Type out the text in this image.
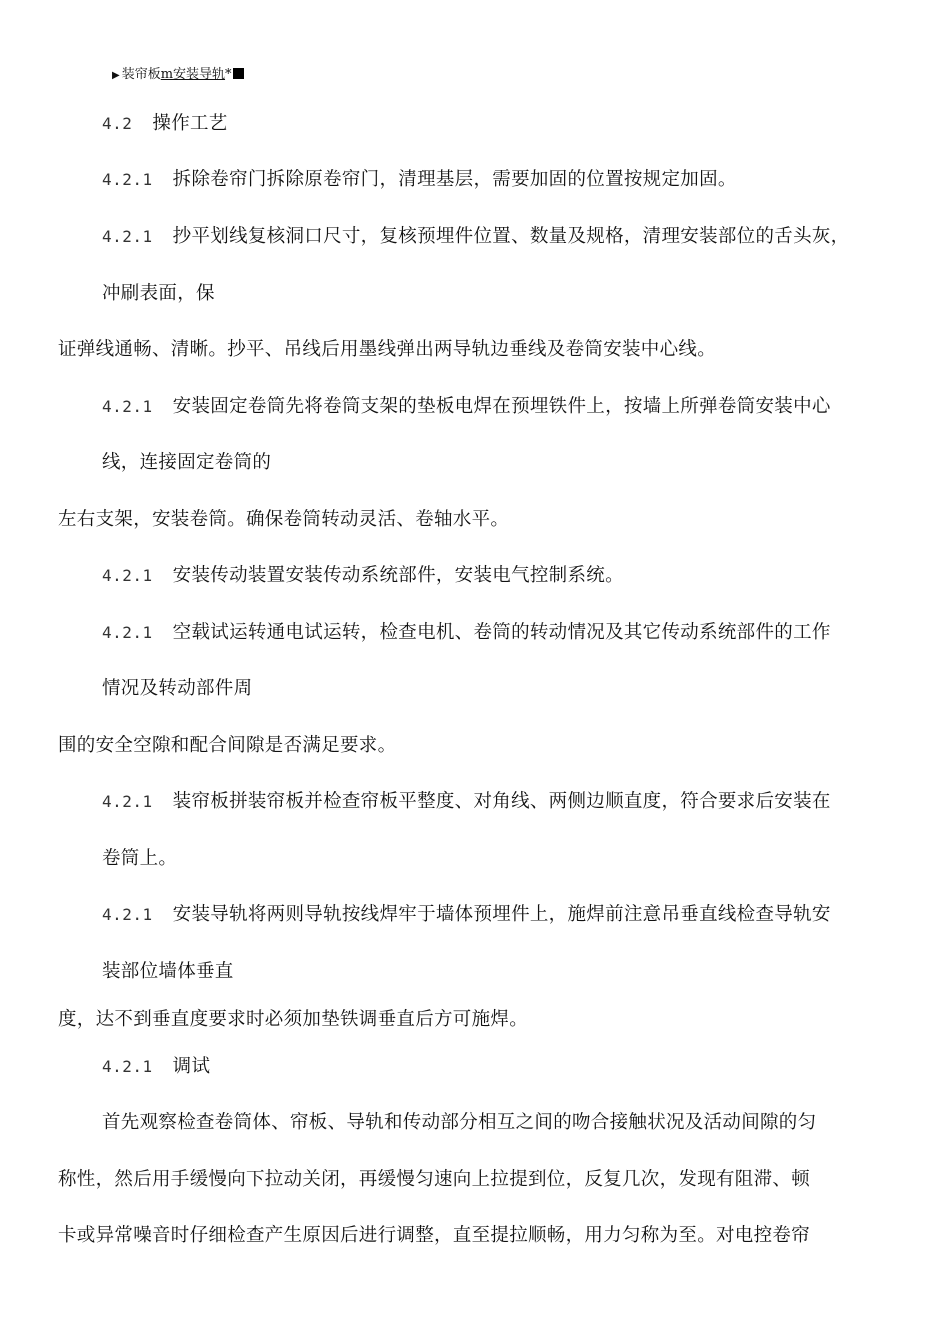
▶ 装帘板m安装导轨*
4.2 操作工艺
4.2.1 拆除卷帘门拆除原卷帘门，清理基层，需要加固的位置按规定加固。
4.2.1 抄平划线复核洞口尺寸，复核预埋件位置、数量及规格，清理安装部位的舌头灰，
冲刷表面，保
证弹线通畅、清晰。抄平、吊线后用墨线弹出两导轨边垂线及卷筒安装中心线。
4.2.1 安装固定卷筒先将卷筒支架的垫板电焊在预埋铁件上，按墙上所弹卷筒安装中心
线，连接固定卷筒的
左右支架，安装卷筒。确保卷筒转动灵活、卷轴水平。
4.2.1 安装传动装置安装传动系统部件，安装电气控制系统。
4.2.1 空载试运转通电试运转，检查电机、卷筒的转动情况及其它传动系统部件的工作
情况及转动部件周
围的安全空隙和配合间隙是否满足要求。
4.2.1 装帘板拼装帘板并检查帘板平整度、对角线、两侧边顺直度，符合要求后安装在
卷筒上。
4.2.1 安装导轨将两则导轨按线焊牢于墙体预埋件上，施焊前注意吊垂直线检查导轨安
装部位墙体垂直
度，达不到垂直度要求时必须加垫铁调垂直后方可施焊。
4.2.1 调试
首先观察检查卷筒体、帘板、导轨和传动部分相互之间的吻合接触状况及活动间隙的匀
称性，然后用手缓慢向下拉动关闭，再缓慢匀速向上拉提到位，反复几次，发现有阻滞、顿
卡或异常噪音时仔细检查产生原因后进行调整，直至提拉顺畅，用力匀称为至。对电控卷帘
